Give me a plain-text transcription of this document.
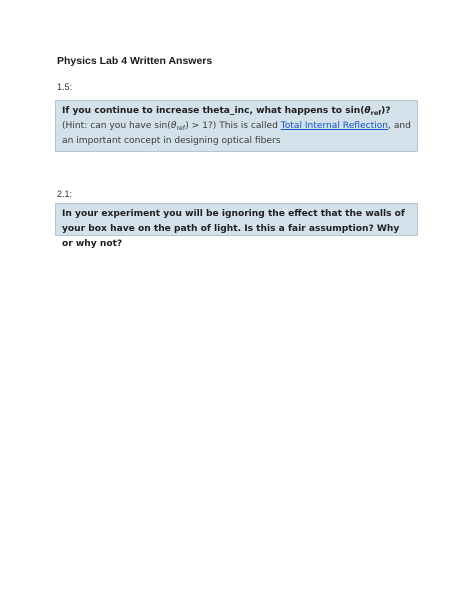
Physics Lab 4 Written Answers
1.5:
If you continue to increase theta_inc, what happens to $\sin(\theta_{ref})$?  (Hint: can you have $\sin(\theta_{ref})$ > 1?) This is called Total Internal Reflection, and an important concept in designing optical fibers
2.1:
In your experiment you will be ignoring the effect that the walls of your box have on the path of light. Is this a fair assumption? Why or why not?
